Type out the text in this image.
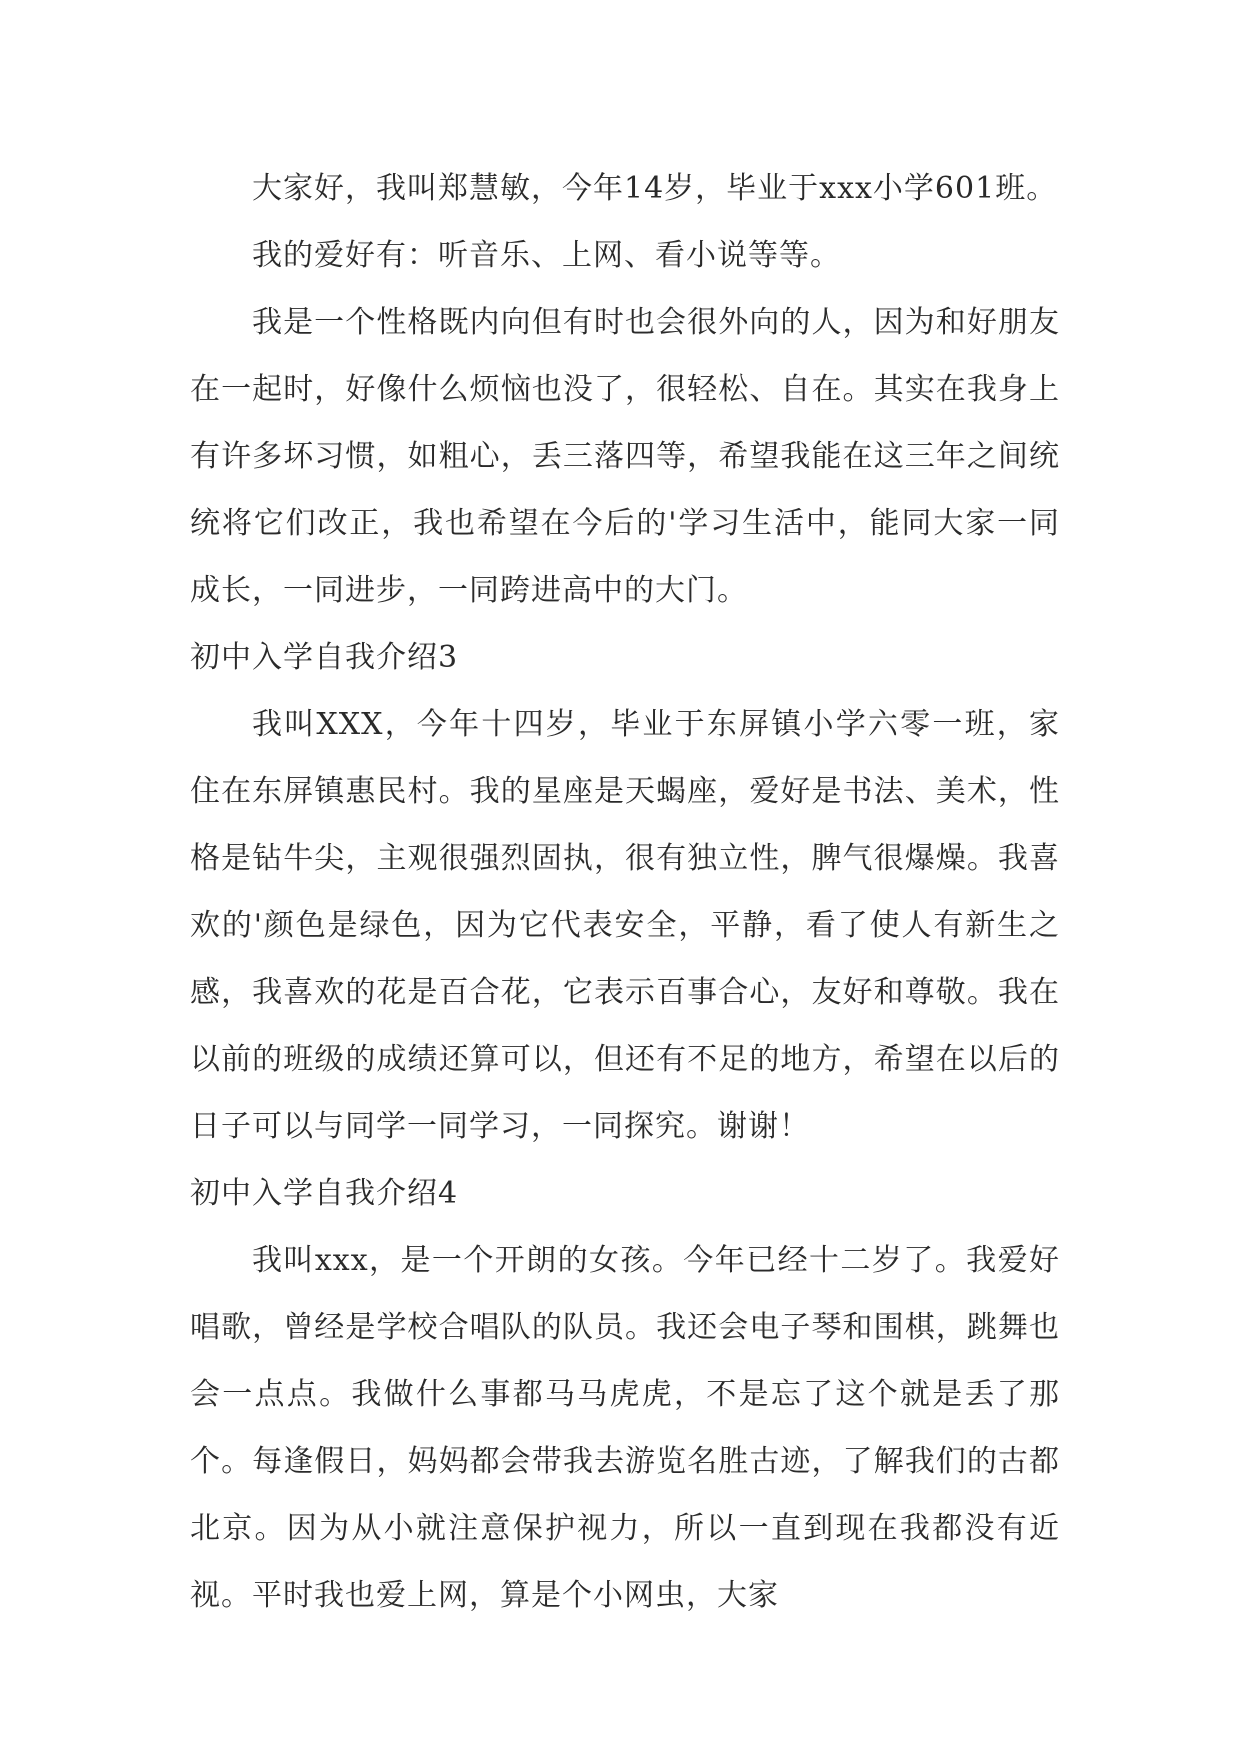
大家好，我叫郑慧敏，今年14岁，毕业于xxx小学601班。

我的爱好有：听音乐、上网、看小说等等。

我是一个性格既内向但有时也会很外向的人，因为和好朋友在一起时，好像什么烦恼也没了，很轻松、自在。其实在我身上有许多坏习惯，如粗心，丢三落四等，希望我能在这三年之间统统将它们改正，我也希望在今后的'学习生活中，能同大家一同成长，一同进步，一同跨进高中的大门。

初中入学自我介绍3

我叫XXX，今年十四岁，毕业于东屏镇小学六零一班，家住在东屏镇惠民村。我的星座是天蝎座，爱好是书法、美术，性格是钻牛尖，主观很强烈固执，很有独立性，脾气很爆燥。我喜欢的'颜色是绿色，因为它代表安全，平静，看了使人有新生之感，我喜欢的花是百合花，它表示百事合心，友好和尊敬。我在以前的班级的成绩还算可以，但还有不足的地方，希望在以后的日子可以与同学一同学习，一同探究。谢谢！

初中入学自我介绍4

我叫xxx，是一个开朗的女孩。今年已经十二岁了。我爱好唱歌，曾经是学校合唱队的队员。我还会电子琴和围棋，跳舞也会一点点。我做什么事都马马虎虎，不是忘了这个就是丢了那个。每逢假日，妈妈都会带我去游览名胜古迹，了解我们的古都北京。因为从小就注意保护视力，所以一直到现在我都没有近视。平时我也爱上网，算是个小网虫，大家
